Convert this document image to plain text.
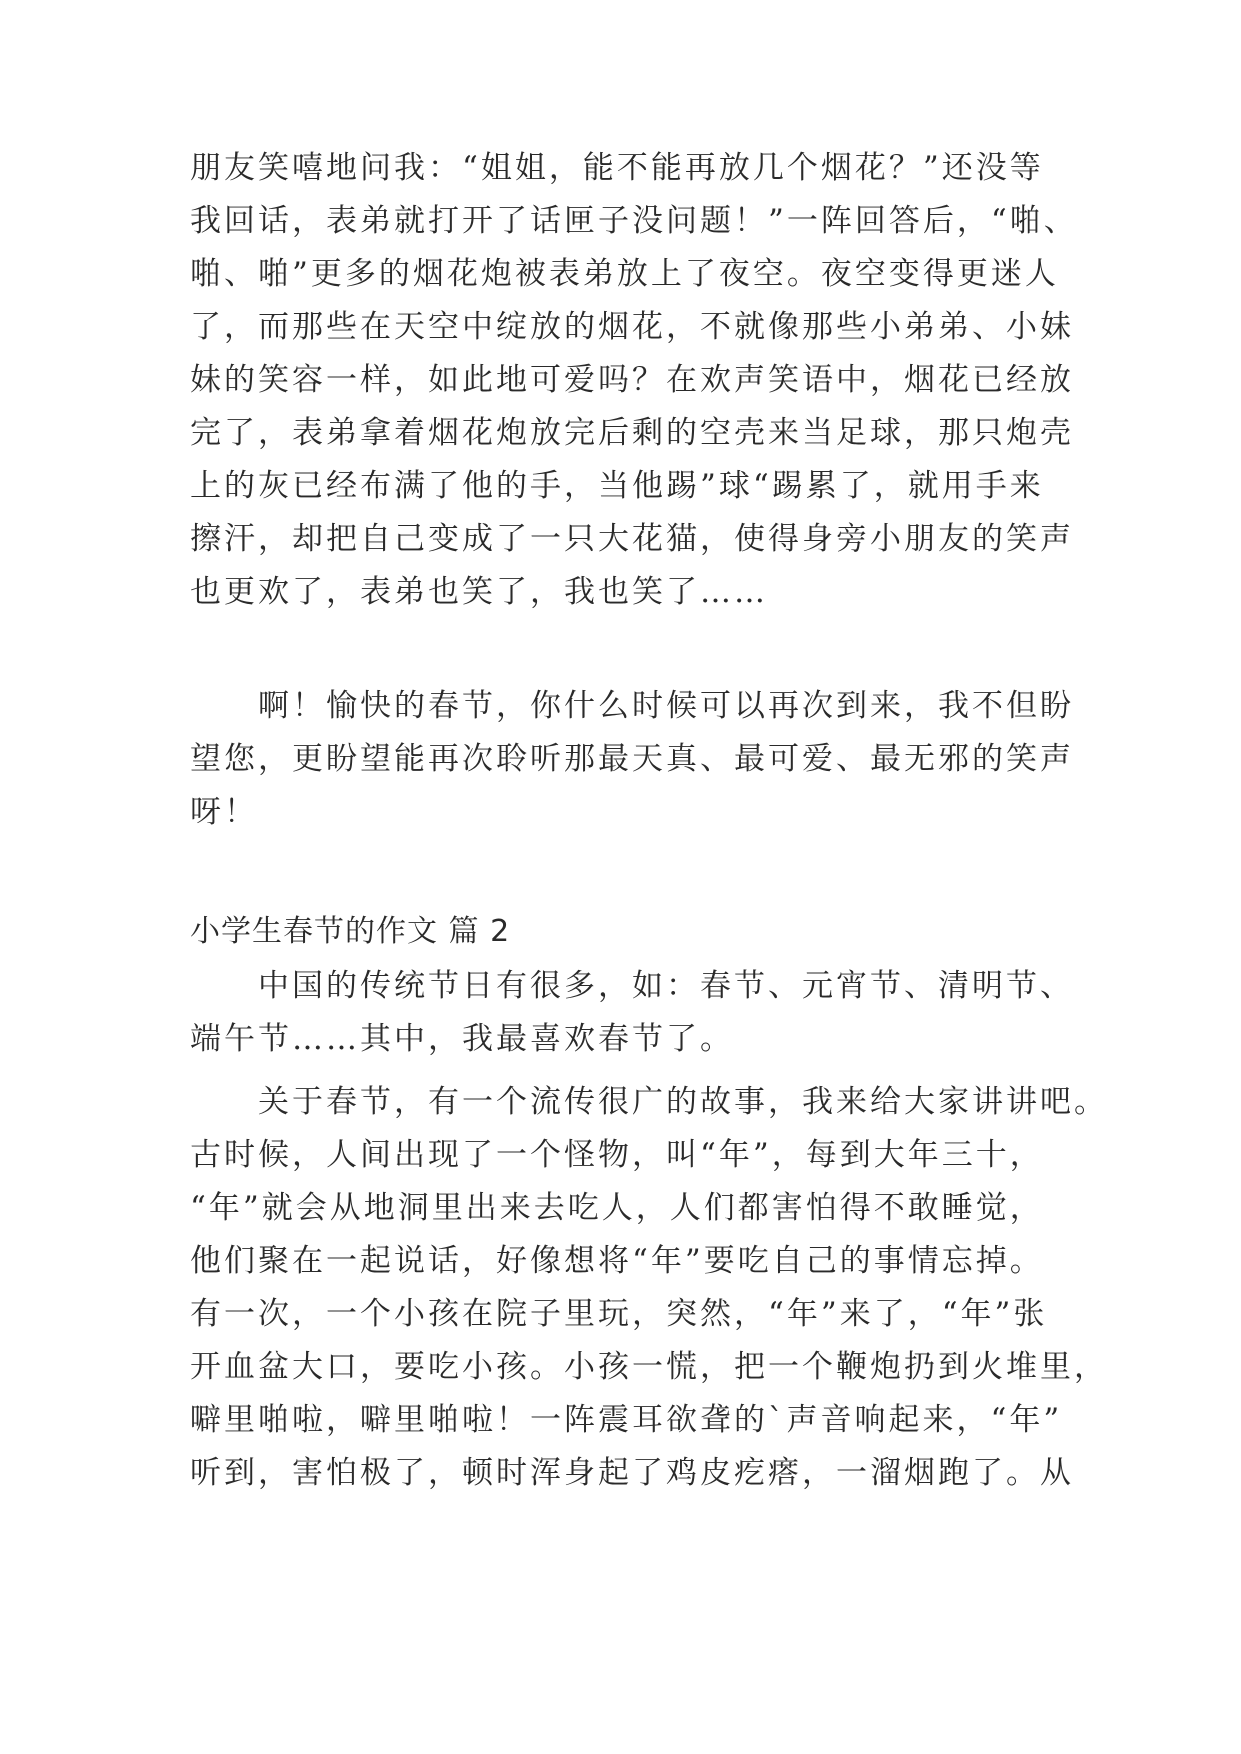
朋友笑嘻地问我：“姐姐，能不能再放几个烟花？”还没等
我回话，表弟就打开了话匣子没问题！”一阵回答后，“啪、
啪、啪”更多的烟花炮被表弟放上了夜空。夜空变得更迷人
了，而那些在天空中绽放的烟花，不就像那些小弟弟、小妹
妹的笑容一样，如此地可爱吗？在欢声笑语中，烟花已经放
完了，表弟拿着烟花炮放完后剩的空壳来当足球，那只炮壳
上的灰已经布满了他的手，当他踢”球“踢累了，就用手来
擦汗，却把自己变成了一只大花猫，使得身旁小朋友的笑声
也更欢了，表弟也笑了，我也笑了……
　　啊！愉快的春节，你什么时候可以再次到来，我不但盼
望您，更盼望能再次聆听那最天真、最可爱、最无邪的笑声
呀！
小学生春节的作文 篇 2
　　中国的传统节日有很多，如：春节、元宵节、清明节、
端午节……其中，我最喜欢春节了。
　　关于春节，有一个流传很广的故事，我来给大家讲讲吧。
古时候，人间出现了一个怪物，叫“年”，每到大年三十，
“年”就会从地洞里出来去吃人，人们都害怕得不敢睡觉，
他们聚在一起说话，好像想将“年”要吃自己的事情忘掉。
有一次，一个小孩在院子里玩，突然，“年”来了，“年”张
开血盆大口，要吃小孩。小孩一慌，把一个鞭炮扔到火堆里，
噼里啪啦，噼里啪啦！一阵震耳欲聋的`声音响起来，“年”
听到，害怕极了，顿时浑身起了鸡皮疙瘩，一溜烟跑了。从
